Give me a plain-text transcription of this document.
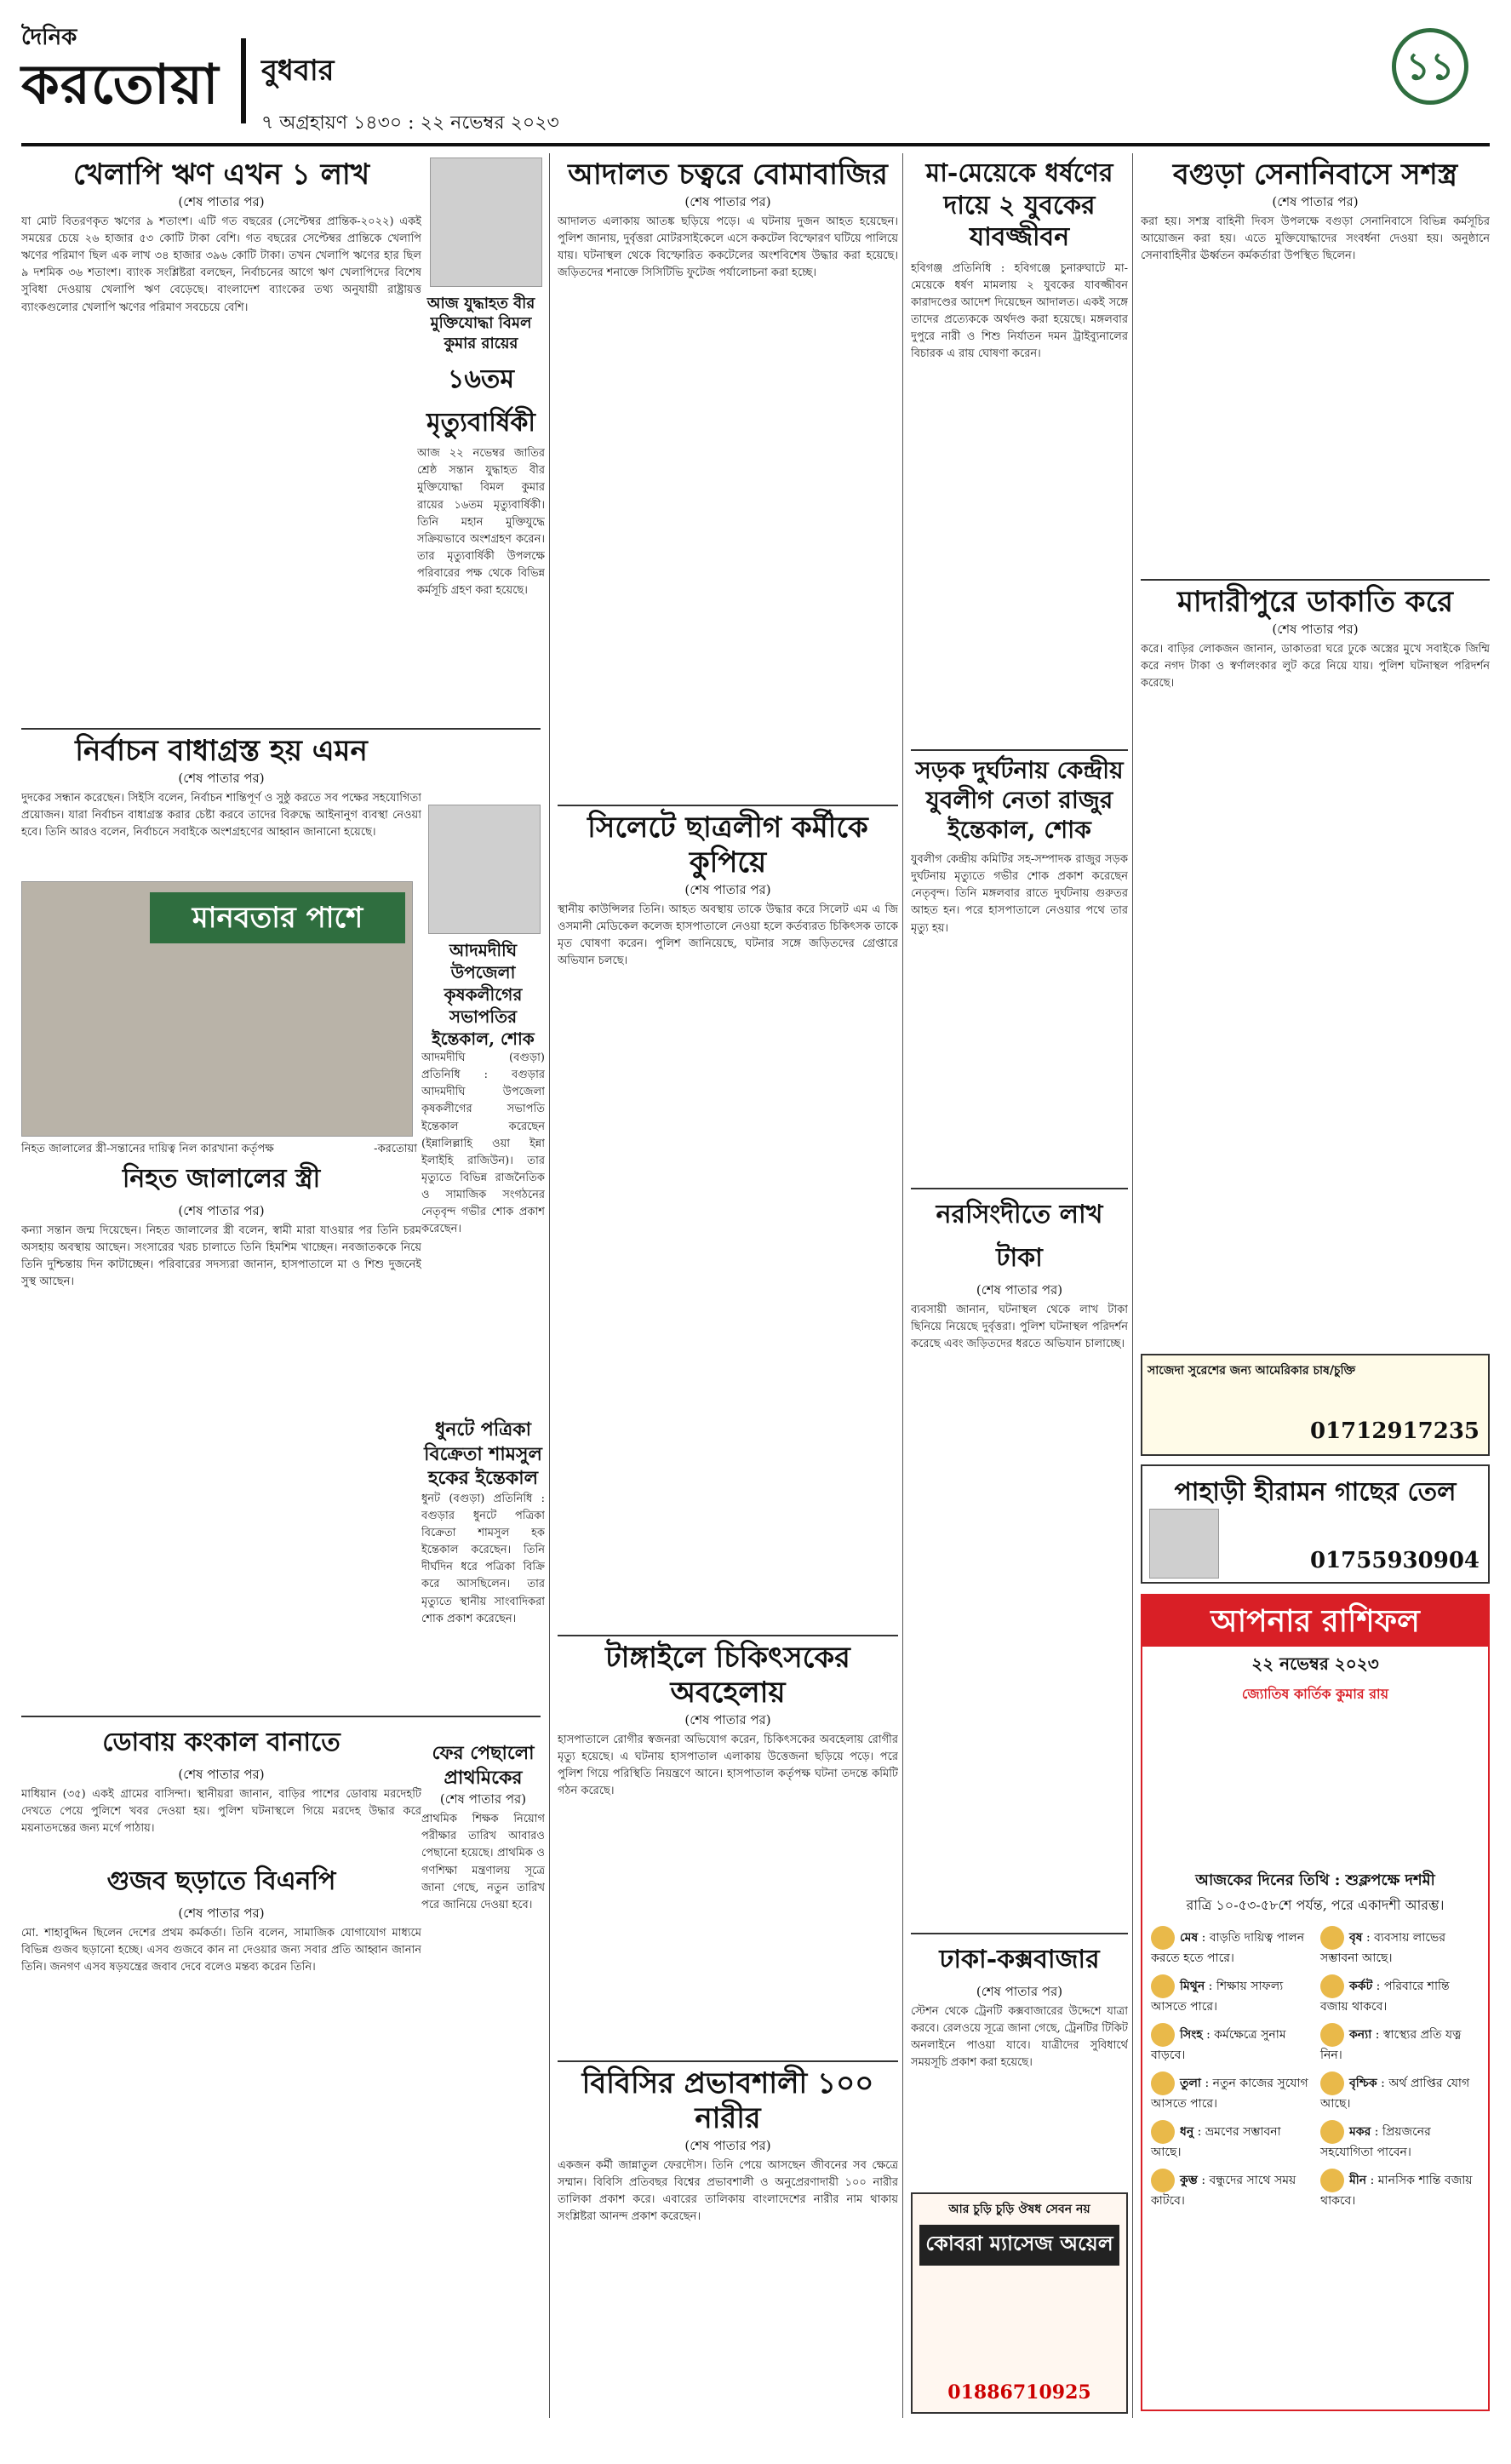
দৈনিক
করতোয়া বুধবার
৭ অগ্রহায়ণ ১৪৩০ : ২২ নভেম্বর ২০২৩
১১
খেলাপি ঋণ এখন ১ লাখ
(শেষ পাতার পর)
যা মোট বিতরণকৃত ঋণের ৯ শতাংশ। এটি গত বছরের (সেপ্টেম্বর প্রান্তিক-২০২২) একই সময়ের চেয়ে ২৬ হাজার ৫৩ কোটি টাকা বেশি। গত বছরের সেপ্টেম্বর প্রান্তিকে খেলাপি ঋণের পরিমাণ ছিল এক লাখ ৩৪ হাজার ৩৯৬ কোটি টাকা। তখন খেলাপি ঋণের হার ছিল ৯ দশমিক ৩৬ শতাংশ। ব্যাংক সংশ্লিষ্টরা বলছেন, নির্বাচনের আগে ঋণ খেলাপিদের বিশেষ সুবিধা দেওয়ায় খেলাপি ঋণ বেড়েছে। বাংলাদেশ ব্যাংকের তথ্য অনুযায়ী রাষ্ট্রায়ত্ত ব্যাংকগুলোর খেলাপি ঋণের পরিমাণ সবচেয়ে বেশি।	আজ যুদ্ধাহত বীর মুক্তিযোদ্ধা বিমল কুমার রায়ের
১৬তম মৃত্যুবার্ষিকী
আজ ২২ নভেম্বর জাতির শ্রেষ্ঠ সন্তান যুদ্ধাহত বীর মুক্তিযোদ্ধা বিমল কুমার রায়ের ১৬তম মৃত্যুবার্ষিকী। তিনি মহান মুক্তিযুদ্ধে সক্রিয়ভাবে অংশগ্রহণ করেন। তার মৃত্যুবার্ষিকী উপলক্ষে পরিবারের পক্ষ থেকে বিভিন্ন কর্মসূচি গ্রহণ করা হয়েছে।
নির্বাচন বাধাগ্রস্ত হয় এমন
(শেষ পাতার পর)
দুদকের সন্ধান করেছেন। সিইসি বলেন, নির্বাচন শান্তিপূর্ণ ও সুষ্ঠু করতে সব পক্ষের সহযোগিতা প্রয়োজন। যারা নির্বাচন বাধাগ্রস্ত করার চেষ্টা করবে তাদের বিরুদ্ধে আইনানুগ ব্যবস্থা নেওয়া হবে। তিনি আরও বলেন, নির্বাচনে সবাইকে অংশগ্রহণের আহ্বান জানানো হয়েছে।
আদমদীঘি উপজেলা কৃষকলীগের সভাপতির ইন্তেকাল, শোক
আদমদীঘি (বগুড়া) প্রতিনিধি : বগুড়ার আদমদীঘি উপজেলা কৃষকলীগের সভাপতি ইন্তেকাল করেছেন (ইন্নালিল্লাহি ওয়া ইন্না ইলাইহি রাজিউন)। তার মৃত্যুতে বিভিন্ন রাজনৈতিক ও সামাজিক সংগঠনের নেতৃবৃন্দ গভীর শোক প্রকাশ করেছেন।
মানবতার পাশে
নিহত জালালের স্ত্রী-সন্তানের দায়িত্ব নিল কারখানা কর্তৃপক্ষ	-করতোয়া
নিহত জালালের স্ত্রী
(শেষ পাতার পর)
কন্যা সন্তান জন্ম দিয়েছেন। নিহত জালালের স্ত্রী বলেন, স্বামী মারা যাওয়ার পর তিনি চরম অসহায় অবস্থায় আছেন। সংসারের খরচ চালাতে তিনি হিমশিম খাচ্ছেন। নবজাতককে নিয়ে তিনি দুশ্চিন্তায় দিন কাটাচ্ছেন। পরিবারের সদস্যরা জানান, হাসপাতালে মা ও শিশু দুজনেই সুস্থ আছেন।
ধুনটে পত্রিকা বিক্রেতা শামসুল হকের ইন্তেকাল
ধুনট (বগুড়া) প্রতিনিধি : বগুড়ার ধুনটে পত্রিকা বিক্রেতা শামসুল হক ইন্তেকাল করেছেন। তিনি দীর্ঘদিন ধরে পত্রিকা বিক্রি করে আসছিলেন। তার মৃত্যুতে স্থানীয় সাংবাদিকরা শোক প্রকাশ করেছেন।
ডোবায় কংকাল বানাতে
(শেষ পাতার পর)
মাধিয়ান (৩৫) একই গ্রামের বাসিন্দা। স্থানীয়রা জানান, বাড়ির পাশের ডোবায় মরদেহটি দেখতে পেয়ে পুলিশে খবর দেওয়া হয়। পুলিশ ঘটনাস্থলে গিয়ে মরদেহ উদ্ধার করে ময়নাতদন্তের জন্য মর্গে পাঠায়।
ফের পেছালো প্রাথমিকের
(শেষ পাতার পর)
প্রাথমিক শিক্ষক নিয়োগ পরীক্ষার তারিখ আবারও পেছানো হয়েছে। প্রাথমিক ও গণশিক্ষা মন্ত্রণালয় সূত্রে জানা গেছে, নতুন তারিখ পরে জানিয়ে দেওয়া হবে।
গুজব ছড়াতে বিএনপি
(শেষ পাতার পর)
মো. শাহাবুদ্দিন ছিলেন দেশের প্রথম কর্মকর্তা। তিনি বলেন, সামাজিক যোগাযোগ মাধ্যমে বিভিন্ন গুজব ছড়ানো হচ্ছে। এসব গুজবে কান না দেওয়ার জন্য সবার প্রতি আহ্বান জানান তিনি। জনগণ এসব ষড়যন্ত্রের জবাব দেবে বলেও মন্তব্য করেন তিনি।
আদালত চত্বরে বোমাবাজির
(শেষ পাতার পর)
আদালত এলাকায় আতঙ্ক ছড়িয়ে পড়ে। এ ঘটনায় দুজন আহত হয়েছেন। পুলিশ জানায়, দুর্বৃত্তরা মোটরসাইকেলে এসে ককটেল বিস্ফোরণ ঘটিয়ে পালিয়ে যায়। ঘটনাস্থল থেকে বিস্ফোরিত ককটেলের অংশবিশেষ উদ্ধার করা হয়েছে। জড়িতদের শনাক্তে সিসিটিভি ফুটেজ পর্যালোচনা করা হচ্ছে।
সিলেটে ছাত্রলীগ কর্মীকে কুপিয়ে
(শেষ পাতার পর)
স্থানীয় কাউন্সিলর তিনি। আহত অবস্থায় তাকে উদ্ধার করে সিলেট এম এ জি ওসমানী মেডিকেল কলেজ হাসপাতালে নেওয়া হলে কর্তব্যরত চিকিৎসক তাকে মৃত ঘোষণা করেন। পুলিশ জানিয়েছে, ঘটনার সঙ্গে জড়িতদের গ্রেপ্তারে অভিযান চলছে।
টাঙ্গাইলে চিকিৎসকের অবহেলায়
(শেষ পাতার পর)
হাসপাতালে রোগীর স্বজনরা অভিযোগ করেন, চিকিৎসকের অবহেলায় রোগীর মৃত্যু হয়েছে। এ ঘটনায় হাসপাতাল এলাকায় উত্তেজনা ছড়িয়ে পড়ে। পরে পুলিশ গিয়ে পরিস্থিতি নিয়ন্ত্রণে আনে। হাসপাতাল কর্তৃপক্ষ ঘটনা তদন্তে কমিটি গঠন করেছে।
বিবিসির প্রভাবশালী ১০০ নারীর
(শেষ পাতার পর)
একজন কর্মী জান্নাতুল ফেরদৌস। তিনি পেয়ে আসছেন জীবনের সব ক্ষেত্রে সম্মান। বিবিসি প্রতিবছর বিশ্বের প্রভাবশালী ও অনুপ্রেরণাদায়ী ১০০ নারীর তালিকা প্রকাশ করে। এবারের তালিকায় বাংলাদেশের নারীর নাম থাকায় সংশ্লিষ্টরা আনন্দ প্রকাশ করেছেন।
মা-মেয়েকে ধর্ষণের দায়ে ২ যুবকের যাবজ্জীবন
হবিগঞ্জ প্রতিনিধি : হবিগঞ্জে চুনারুঘাটে মা-মেয়েকে ধর্ষণ মামলায় ২ যুবকের যাবজ্জীবন কারাদণ্ডের আদেশ দিয়েছেন আদালত। একই সঙ্গে তাদের প্রত্যেককে অর্থদণ্ড করা হয়েছে। মঙ্গলবার দুপুরে নারী ও শিশু নির্যাতন দমন ট্রাইব্যুনালের বিচারক এ রায় ঘোষণা করেন।
সড়ক দুর্ঘটনায় কেন্দ্রীয় যুবলীগ নেতা রাজুর ইন্তেকাল, শোক
যুবলীগ কেন্দ্রীয় কমিটির সহ-সম্পাদক রাজুর সড়ক দুর্ঘটনায় মৃত্যুতে গভীর শোক প্রকাশ করেছেন নেতৃবৃন্দ। তিনি মঙ্গলবার রাতে দুর্ঘটনায় গুরুতর আহত হন। পরে হাসপাতালে নেওয়ার পথে তার মৃত্যু হয়।
নরসিংদীতে লাখ টাকা
(শেষ পাতার পর)
ব্যবসায়ী জানান, ঘটনাস্থল থেকে লাখ টাকা ছিনিয়ে নিয়েছে দুর্বৃত্তরা। পুলিশ ঘটনাস্থল পরিদর্শন করেছে এবং জড়িতদের ধরতে অভিযান চালাচ্ছে।
ঢাকা-কক্সবাজার
(শেষ পাতার পর)
স্টেশন থেকে ট্রেনটি কক্সবাজারের উদ্দেশে যাত্রা করবে। রেলওয়ে সূত্রে জানা গেছে, ট্রেনটির টিকিট অনলাইনে পাওয়া যাবে। যাত্রীদের সুবিধার্থে সময়সূচি প্রকাশ করা হয়েছে।
আর চুড়ি চুড়ি ঔষধ সেবন নয়
কোবরা ম্যাসেজ অয়েল
01886710925
বগুড়া সেনানিবাসে সশস্ত্র
(শেষ পাতার পর)
করা হয়। সশস্ত্র বাহিনী দিবস উপলক্ষে বগুড়া সেনানিবাসে বিভিন্ন কর্মসূচির আয়োজন করা হয়। এতে মুক্তিযোদ্ধাদের সংবর্ধনা দেওয়া হয়। অনুষ্ঠানে সেনাবাহিনীর ঊর্ধ্বতন কর্মকর্তারা উপস্থিত ছিলেন।
মাদারীপুরে ডাকাতি করে
(শেষ পাতার পর)
করে। বাড়ির লোকজন জানান, ডাকাতরা ঘরে ঢুকে অস্ত্রের মুখে সবাইকে জিম্মি করে নগদ টাকা ও স্বর্ণালংকার লুট করে নিয়ে যায়। পুলিশ ঘটনাস্থল পরিদর্শন করেছে।
সাজেদা সুরেশের জন্য আমেরিকার চাষ/চুক্তি
01712917235
পাহাড়ী হীরামন গাছের তেল
01755930904
আপনার রাশিফল
২২ নভেম্বর ২০২৩
জ্যোতিষ কার্তিক কুমার রায়
আজকের দিনের তিথি : শুক্লপক্ষে দশমী
রাত্রি ১০-৫৩-৫৮শে পর্যন্ত, পরে একাদশী আরম্ভ।
মেষ : বাড়তি দায়িত্ব পালন করতে হতে পারে।
বৃষ : ব্যবসায় লাভের সম্ভাবনা আছে।
মিথুন : শিক্ষায় সাফল্য আসতে পারে।
কর্কট : পরিবারে শান্তি বজায় থাকবে।
সিংহ : কর্মক্ষেত্রে সুনাম বাড়বে।
কন্যা : স্বাস্থ্যের প্রতি যত্ন নিন।
তুলা : নতুন কাজের সুযোগ আসতে পারে।
বৃশ্চিক : অর্থ প্রাপ্তির যোগ আছে।
ধনু : ভ্রমণের সম্ভাবনা আছে।
মকর : প্রিয়জনের সহযোগিতা পাবেন।
কুম্ভ : বন্ধুদের সাথে সময় কাটবে।
মীন : মানসিক শান্তি বজায় থাকবে।
